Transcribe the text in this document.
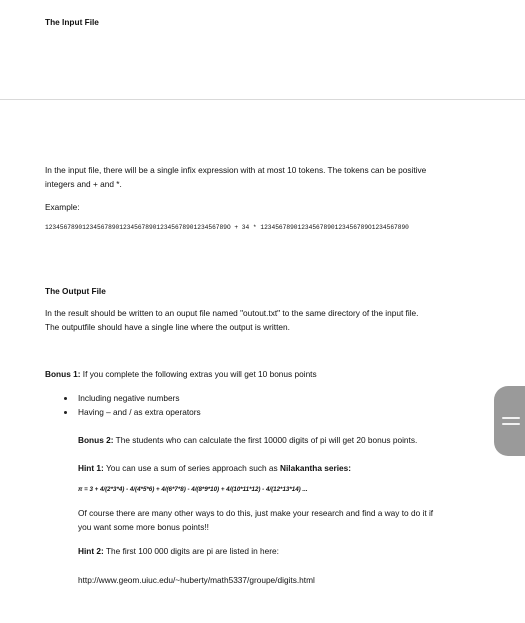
The Input File
In the input file, there will be a single infix expression with at most 10 tokens. The tokens can be positive
integers and + and *.
Example:
1234567890123456789012345678901234567890123456789O + 34 * 12345678901234567890123456789O1234567890
The Output File
In the result should be written to an ouput file named "outout.txt" to the same directory of the input file.
The outputfile should have a single line where the output is written.
Bonus 1: If you complete the following extras you will get 10 bonus points
Including negative numbers
Having – and / as extra operators
Bonus 2: The students who can calculate the first 10000 digits of pi will get 20 bonus points.
Hint 1: You can use a sum of series approach such as Nilakantha series:
π = 3 + 4/(2*3*4) - 4/(4*5*6) + 4/(6*7*8) - 4/(8*9*10) + 4/(10*11*12) - 4/(12*13*14) ...
Of course there are many other ways to do this, just make your research and find a way to do it if
you want some more bonus points!!
Hint 2: The first 100 000 digits are pi are listed in here:
http://www.geom.uiuc.edu/~huberty/math5337/groupe/digits.html
